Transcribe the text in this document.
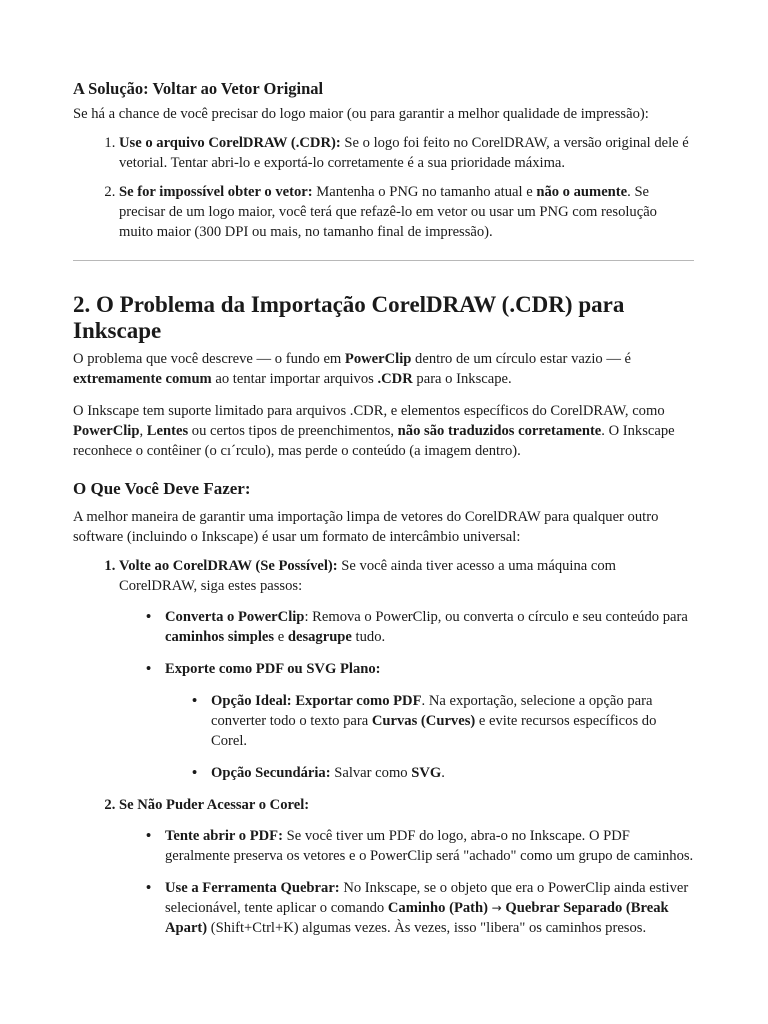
A Solução: Voltar ao Vetor Original

Se há a chance de você precisar do logo maior (ou para garantir a melhor qualidade de impressão):

1. Use o arquivo CorelDRAW (.CDR): Se o logo foi feito no CorelDRAW, a versão original dele é vetorial. Tentar abri-lo e exportá-lo corretamente é a sua prioridade máxima.
2. Se for impossível obter o vetor: Mantenha o PNG no tamanho atual e não o aumente. Se precisar de um logo maior, você terá que refazê-lo em vetor ou usar um PNG com resolução muito maior (300 DPI ou mais, no tamanho final de impressão).
2. O Problema da Importação CorelDRAW (.CDR) para Inkscape

O problema que você descreve — o fundo em PowerClip dentro de um círculo estar vazio — é extremamente comum ao tentar importar arquivos .CDR para o Inkscape.

O Inkscape tem suporte limitado para arquivos .CDR, e elementos específicos do CorelDRAW, como PowerClip, Lentes ou certos tipos de preenchimentos, não são traduzidos corretamente. O Inkscape reconhece o contêiner (o cı´rculo), mas perde o conteúdo (a imagem dentro).

O Que Você Deve Fazer:

A melhor maneira de garantir uma importação limpa de vetores do CorelDRAW para qualquer outro software (incluindo o Inkscape) é usar um formato de intercâmbio universal:

1. Volte ao CorelDRAW (Se Possível): Se você ainda tiver acesso a uma máquina com CorelDRAW, siga estes passos:
• Converta o PowerClip: Remova o PowerClip, ou converta o círculo e seu conteúdo para caminhos simples e desagrupe tudo.
• Exporte como PDF ou SVG Plano:
• Opção Ideal: Exportar como PDF. Na exportação, selecione a opção para converter todo o texto para Curvas (Curves) e evite recursos específicos do Corel.
• Opção Secundária: Salvar como SVG.
2. Se Não Puder Acessar o Corel:
• Tente abrir o PDF: Se você tiver um PDF do logo, abra-o no Inkscape. O PDF geralmente preserva os vetores e o PowerClip será "achado" como um grupo de caminhos.
• Use a Ferramenta Quebrar: No Inkscape, se o objeto que era o PowerClip ainda estiver selecionável, tente aplicar o comando Caminho (Path) → Quebrar Separado (Break Apart) (Shift+Ctrl+K) algumas vezes. Às vezes, isso "libera" os caminhos presos.
